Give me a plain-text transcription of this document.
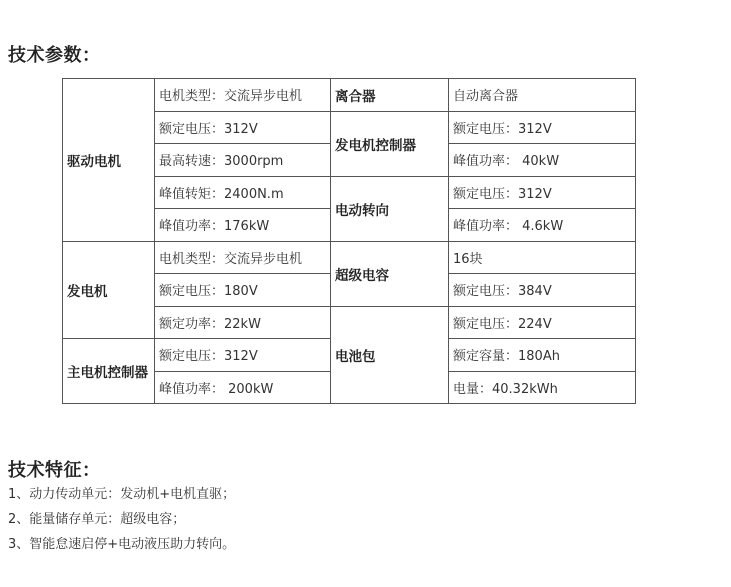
技术参数：
驱动电机	电机类型：交流异步电机	离合器	自动离合器
	额定电压：312V	发电机控制器	额定电压：312V
	最高转速：3000rpm		峰值功率： 40kW
	峰值转矩：2400N.m	电动转向	额定电压：312V
	峰值功率：176kW		峰值功率： 4.6kW
发电机	电机类型：交流异步电机	超级电容	16块
	额定电压：180V		额定电压：384V
	额定功率：22kW	电池包	额定电压：224V
主电机控制器	额定电压：312V		额定容量：180Ah
	峰值功率： 200kW		电量：40.32kWh
技术特征：
1、动力传动单元：发动机+电机直驱；
2、能量储存单元：超级电容；
3、智能怠速启停+电动液压助力转向。
